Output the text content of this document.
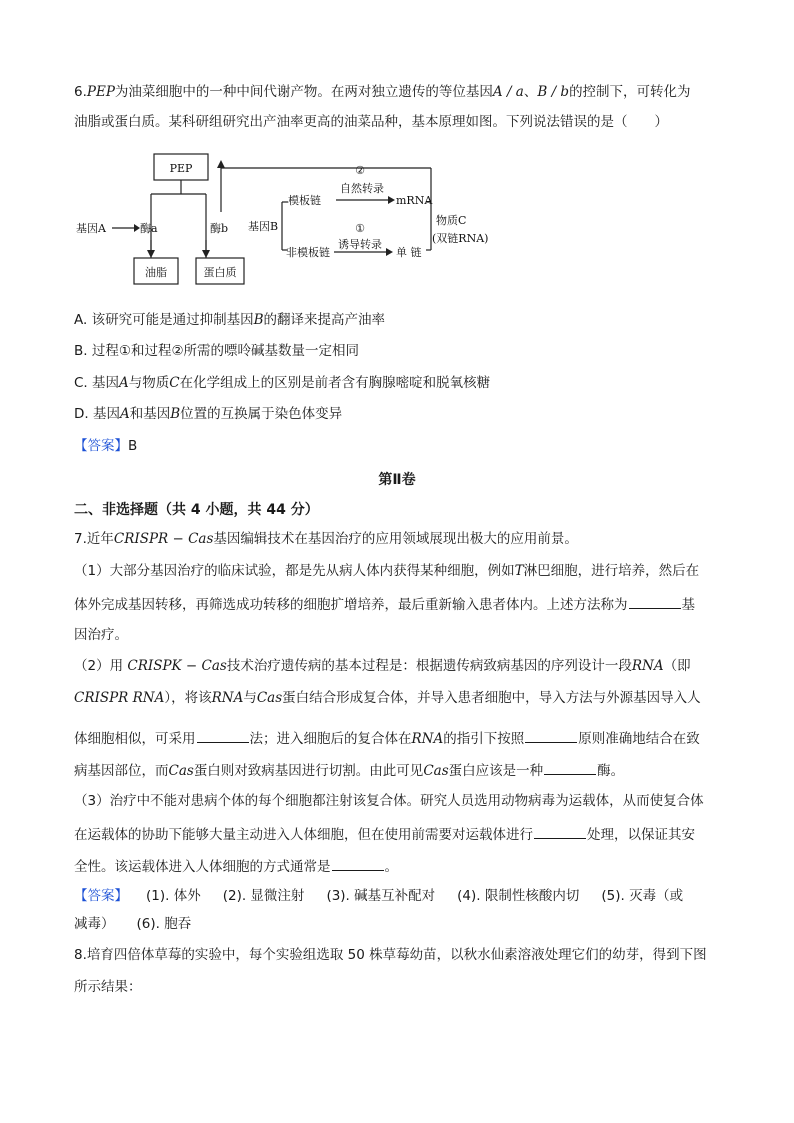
6.PEP为油菜细胞中的一种中间代谢产物。在两对独立遗传的等位基因A / a、B / b的控制下，可转化为
油脂或蛋白质。某科研组研究出产油率更高的油菜品种，基本原理如图。下列说法错误的是（　　）
PEP
基因A	酶a	酶b
油脂	蛋白质
基因B
模板链
非模板链
②
自然转录
mRNA
①
诱导转录
单 链
物质C
(双链RNA)
A. 该研究可能是通过抑制基因B的翻译来提高产油率
B. 过程①和过程②所需的嘌呤碱基数量一定相同
C. 基因A与物质C在化学组成上的区别是前者含有胸腺嘧啶和脱氧核糖
D. 基因A和基因B位置的互换属于染色体变异
【答案】B
第Ⅱ卷
二、非选择题（共 4 小题，共 44 分）
7.近年CRISPR − Cas基因编辑技术在基因治疗的应用领域展现出极大的应用前景。
（1）大部分基因治疗的临床试验，都是先从病人体内获得某种细胞，例如T淋巴细胞，进行培养，然后在
体外完成基因转移，再筛选成功转移的细胞扩增培养，最后重新输入患者体内。上述方法称为	基
因治疗。
（2）用 CRISPK − Cas技术治疗遗传病的基本过程是：根据遗传病致病基因的序列设计一段RNA（即
CRISPR RNA），将该RNA与Cas蛋白结合形成复合体，并导入患者细胞中，导入方法与外源基因导入人
体细胞相似，可采用	法；进入细胞后的复合体在RNA的指引下按照	原则准确地结合在致
病基因部位，而Cas蛋白则对致病基因进行切割。由此可见Cas蛋白应该是一种	酶。
（3）治疗中不能对患病个体的每个细胞都注射该复合体。研究人员选用动物病毒为运载体，从而使复合体
在运载体的协助下能够大量主动进入人体细胞，但在使用前需要对运载体进行	处理，以保证其安
全性。该运载体进入人体细胞的方式通常是	。
【答案】 (1). 体外 (2). 显微注射 (3). 碱基互补配对 (4). 限制性核酸内切 (5). 灭毒（或
减毒） (6). 胞吞
8.培育四倍体草莓的实验中，每个实验组选取 50 株草莓幼苗，以秋水仙素溶液处理它们的幼芽，得到下图
所示结果：
